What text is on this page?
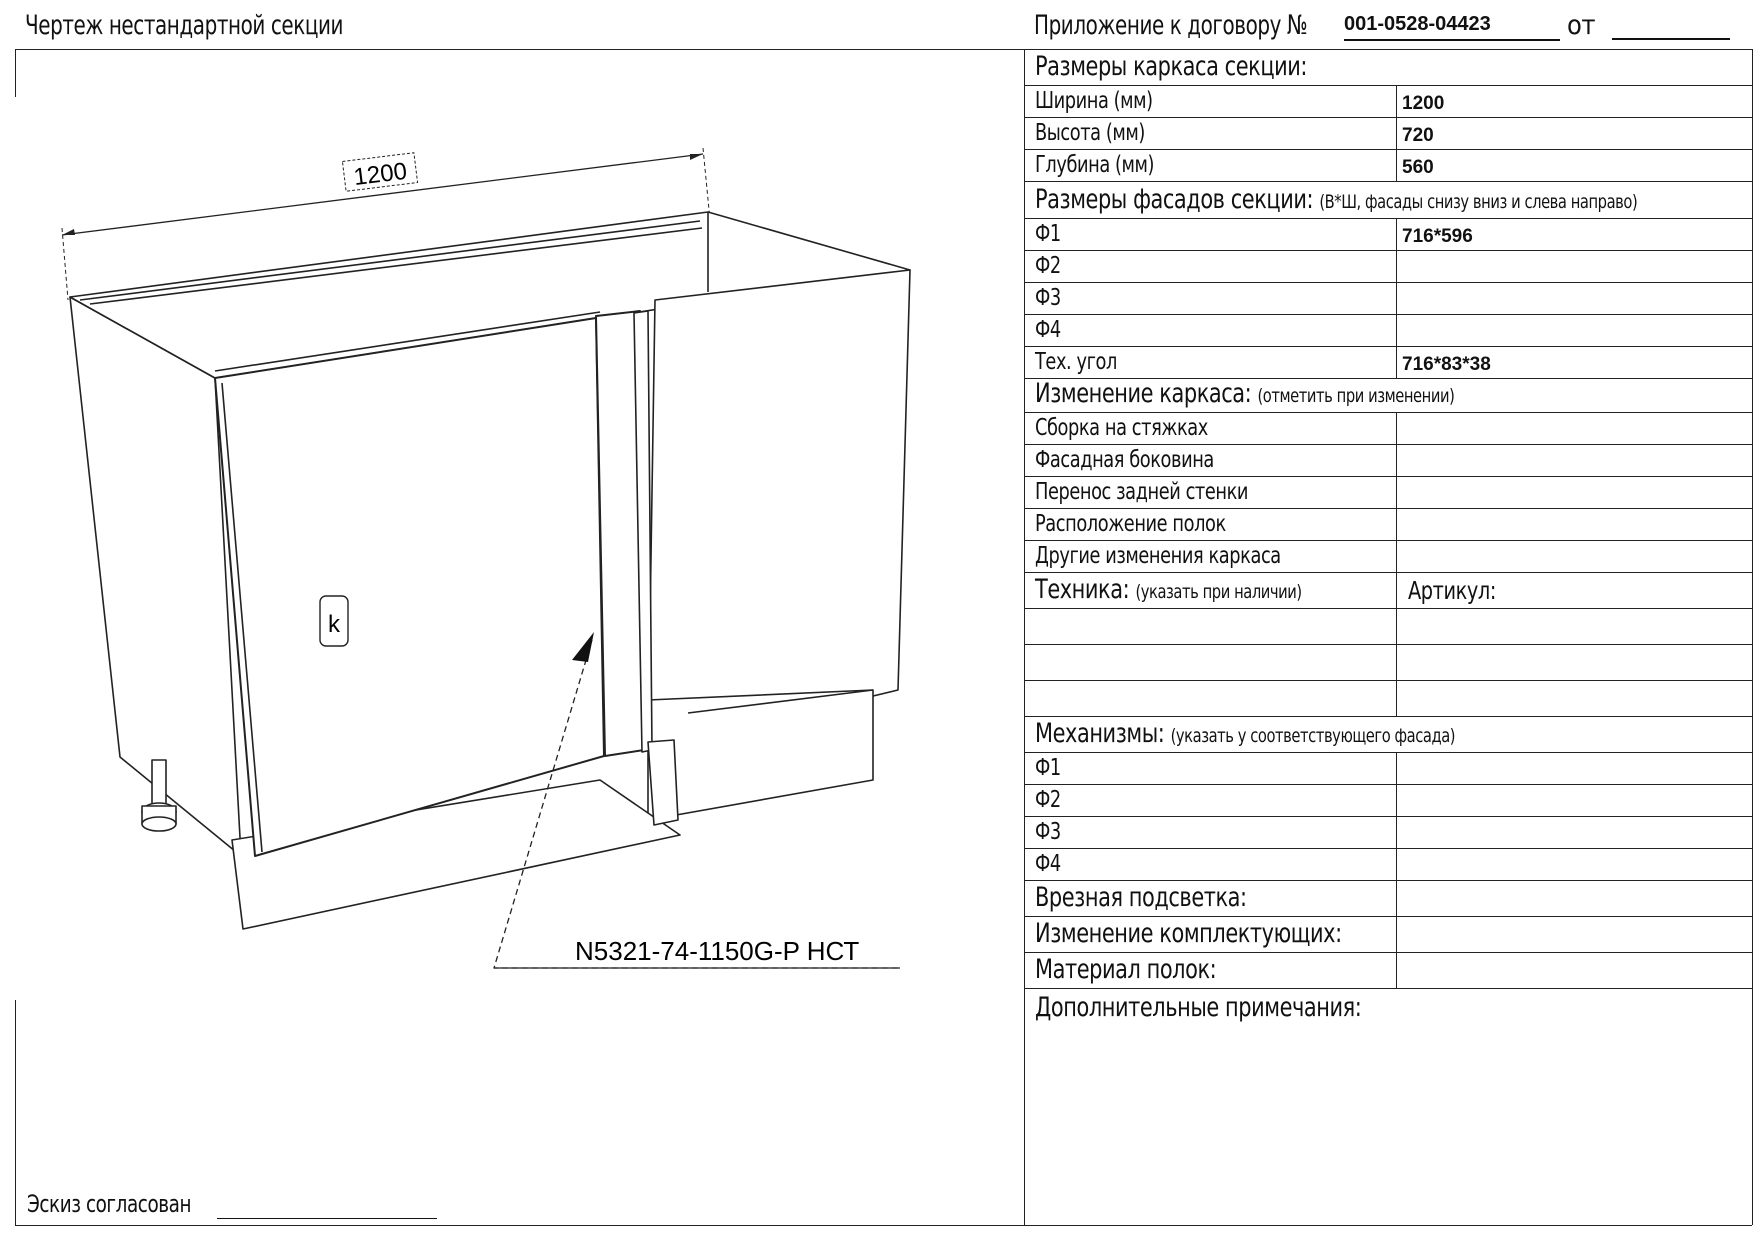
Чертеж нестандартной секции	Приложение к договору № 001-0528-04423	от
1200
k
N5321-74-1150G-P НСТ
Эскиз согласован
Размеры каркаса секции:
Ширина (мм)	1200
Высота (мм)	720
Глубина (мм)	560
Размеры фасадов секции: (В*Ш, фасады снизу вниз и слева направо)
Ф1	716*596
Ф2
Ф3
Ф4
Тех. угол	716*83*38
Изменение каркаса: (отметить при изменении)
Сборка на стяжках
Фасадная боковина
Перенос задней стенки
Расположение полок
Другие изменения каркаса
Техника: (указать при наличии)	Артикул:
Механизмы: (указать у соответствующего фасада)
Ф1
Ф2
Ф3
Ф4
Врезная подсветка:
Изменение комплектующих:
Материал полок:
Дополнительные примечания:
